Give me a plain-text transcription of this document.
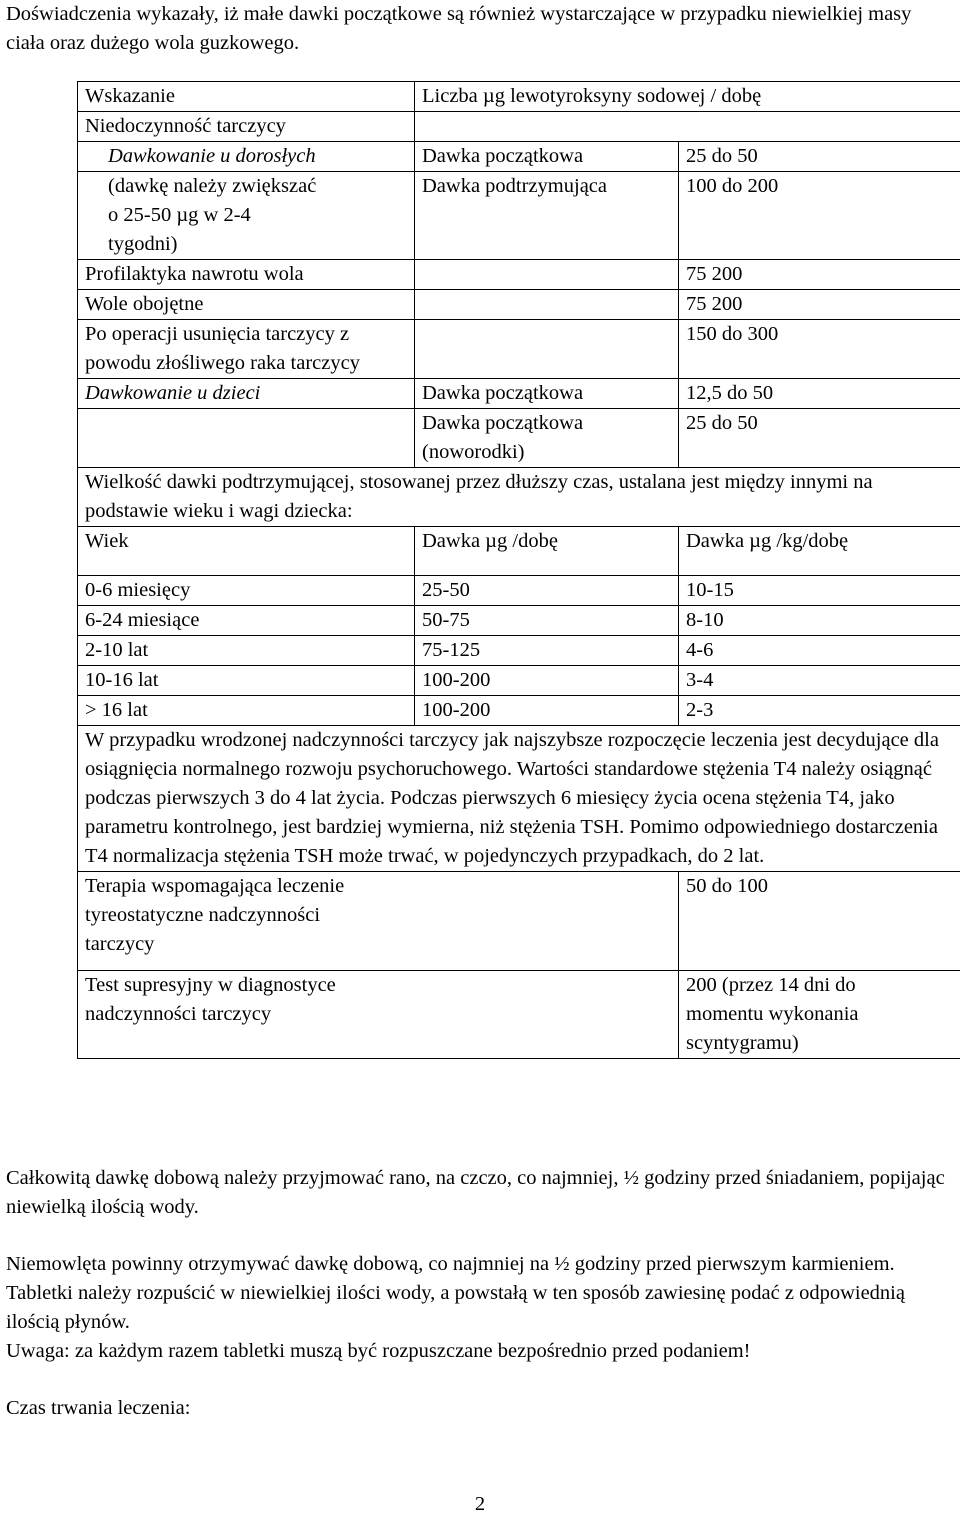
Doświadczenia wykazały, iż małe dawki początkowe są również wystarczające w przypadku niewielkiej masy ciała oraz dużego wola guzkowego.

Wskazanie	Liczba µg lewotyroksyny sodowej / dobę	
Niedoczynność tarczycy		
Dawkowanie u dorosłych	Dawka początkowa	25 do 50
(dawkę należy zwiększać o 25-50 µg w 2-4 tygodni)	Dawka podtrzymująca	100 do 200
Profilaktyka nawrotu wola		75 200
Wole obojętne		75 200
Po operacji usunięcia tarczycy z powodu złośliwego raka tarczycy		150 do 300
Dawkowanie u dzieci	Dawka początkowa	12,5 do 50
	Dawka początkowa (noworodki)	25 do 50
Wielkość dawki podtrzymującej, stosowanej przez dłuższy czas, ustalana jest między innymi na podstawie wieku i wagi dziecka:		
Wiek	Dawka µg /dobę	Dawka µg /kg/dobę
0-6 miesięcy	25-50	10-15
6-24 miesiące	50-75	8-10
2-10 lat	75-125	4-6
10-16 lat	100-200	3-4
> 16 lat	100-200	2-3
W przypadku wrodzonej nadczynności tarczycy jak najszybsze rozpoczęcie leczenia jest decydujące dla osiągnięcia normalnego rozwoju psychoruchowego. Wartości standardowe stężenia T4 należy osiągnąć podczas pierwszych 3 do 4 lat życia. Podczas pierwszych 6 miesięcy życia ocena stężenia T4, jako parametru kontrolnego, jest bardziej wymierna, niż stężenia TSH. Pomimo odpowiedniego dostarczenia T4 normalizacja stężenia TSH może trwać, w pojedynczych przypadkach, do 2 lat.		
Terapia wspomagająca leczenie tyreostatyczne nadczynności tarczycy		50 do 100
Test supresyjny w diagnostyce nadczynności tarczycy		200 (przez 14 dni do momentu wykonania scyntygramu)

Całkowitą dawkę dobową należy przyjmować rano, na czczo, co najmniej, ½ godziny przed śniadaniem, popijając niewielką ilością wody.

Niemowlęta powinny otrzymywać dawkę dobową, co najmniej na ½ godziny przed pierwszym karmieniem. Tabletki należy rozpuścić w niewielkiej ilości wody, a powstałą w ten sposób zawiesinę podać z odpowiednią ilością płynów.

Uwaga: za każdym razem tabletki muszą być rozpuszczane bezpośrednio przed podaniem!

Czas trwania leczenia:

2
